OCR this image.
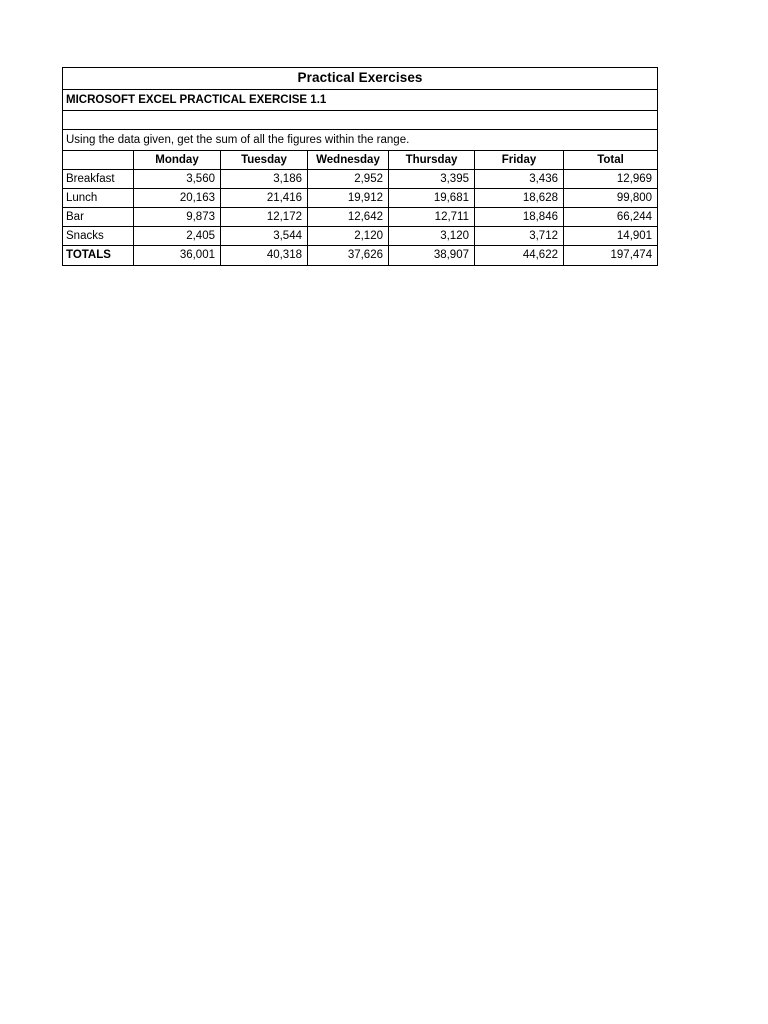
Practical Exercises						
MICROSOFT EXCEL PRACTICAL EXERCISE 1.1						

Using the data given, get the sum of all the figures within the range.						
	Monday	Tuesday	Wednesday	Thursday	Friday	Total
Breakfast	3,560	3,186	2,952	3,395	3,436	12,969
Lunch	20,163	21,416	19,912	19,681	18,628	99,800
Bar	9,873	12,172	12,642	12,711	18,846	66,244
Snacks	2,405	3,544	2,120	3,120	3,712	14,901
TOTALS	36,001	40,318	37,626	38,907	44,622	197,474
